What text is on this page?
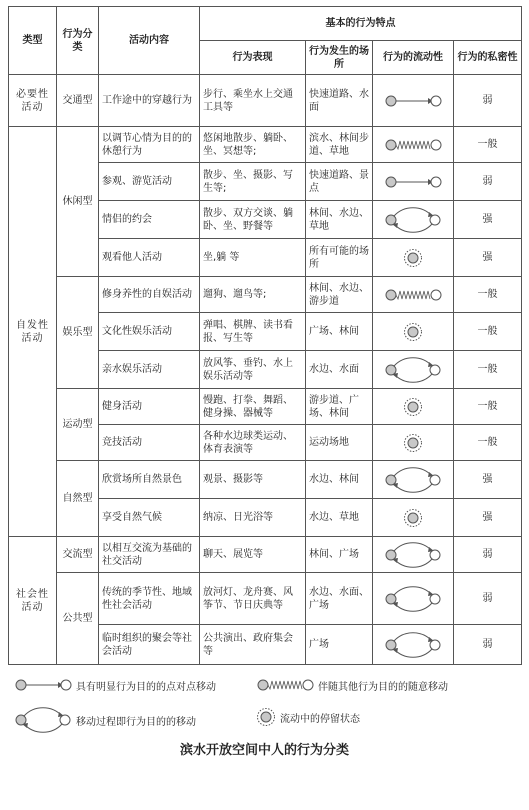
类型	行为分类	活动内容	基本的行为特点			
			行为表现	行为发生的场所	行为的流动性	行为的私密性
必要性活动	交通型	工作途中的穿越行为	步行、乘坐水上交通工具等	快速道路、水面		弱
自发性活动	休闲型	以调节心情为目的的休憩行为	悠闲地散步、躺卧、坐、冥想等;	滨水、林间步道、草地		一般
		参观、游览活动	散步、坐、摄影、写生等;	快速道路、景点		弱
		情侣的约会	散步、双方交谈、躺卧、坐、野餐等	林间、水边、草地		强
		观看他人活动	坐,躺 等	所有可能的场所		强
	娱乐型	修身养性的自娱活动	遛狗、遛鸟等;	林间、水边、游步道		一般
		文化性娱乐活动	弹唱、棋牌、读书看报、写生等	广场、林间		一般
		亲水娱乐活动	放风筝、垂钓、水上娱乐活动等	水边、水面		一般
	运动型	健身活动	慢跑、打拳、舞蹈、健身操、器械等	游步道、广场、林间		一般
		竞技活动	各种水边球类运动、体育表演等	运动场地		一般
	自然型	欣赏场所自然景色	观景、摄影等	水边、林间		强
		享受自然气候	纳凉、日光浴等	水边、草地		强
社会性活动	交流型	以相互交流为基础的社交活动	聊天、展览等	林间、广场		弱
	公共型	传统的季节性、地域性社会活动	放河灯、龙舟赛、风筝节、节日庆典等	水边、水面、广场		弱
		临时组织的聚会等社会活动	公共演出、政府集会等	广场		弱
具有明显行为目的的点对点移动	伴随其他行为目的的随意移动
移动过程即行为目的的移动	流动中的停留状态
滨水开放空间中人的行为分类
